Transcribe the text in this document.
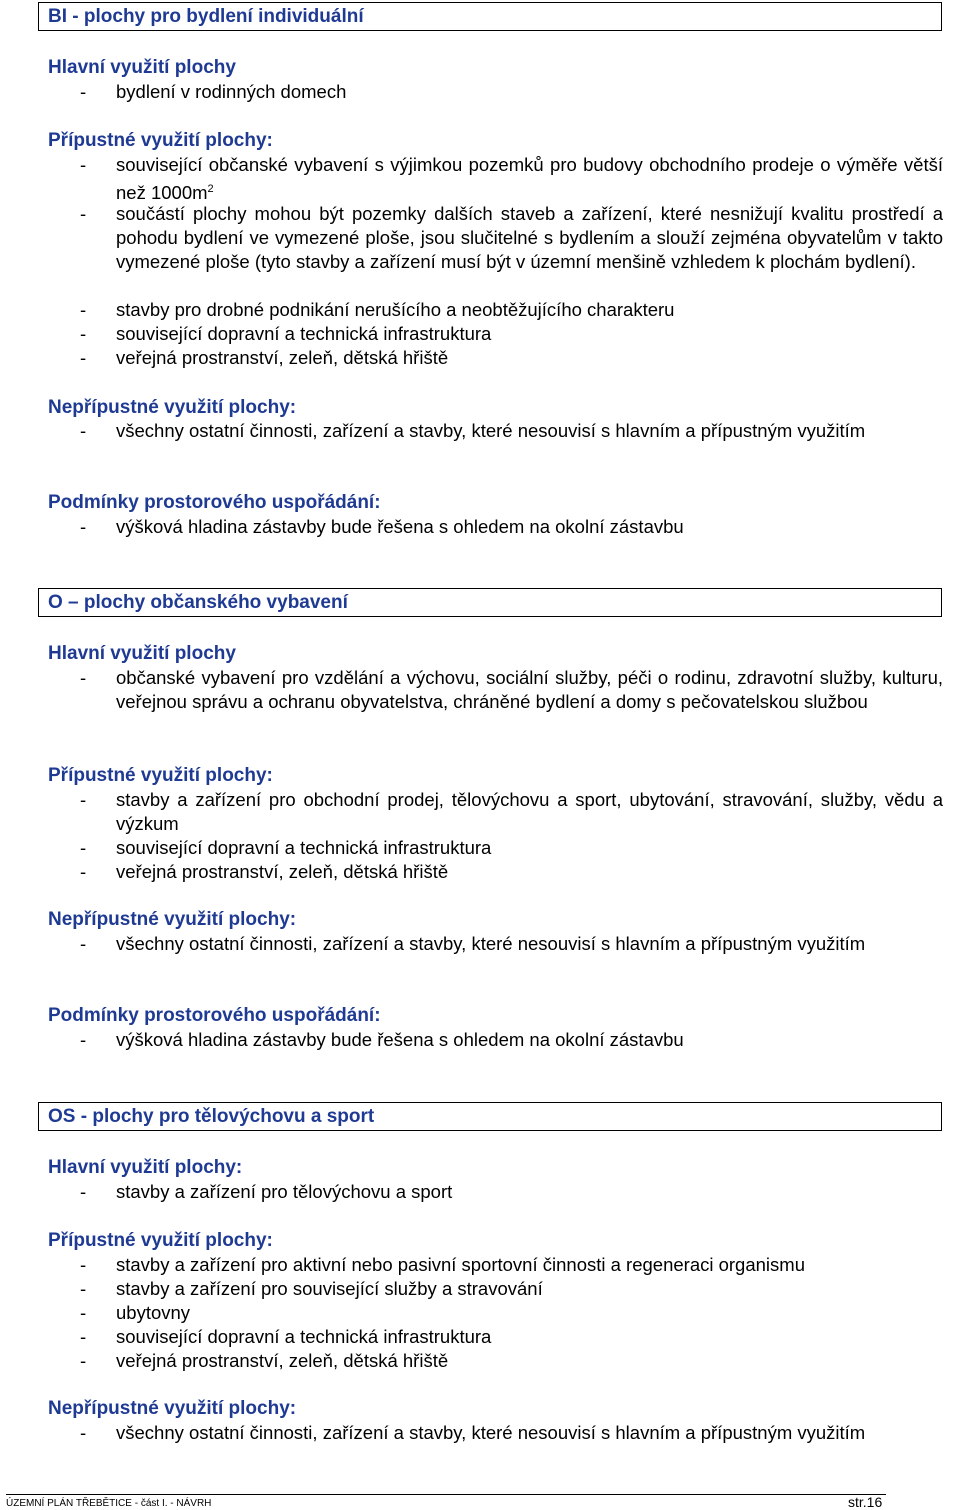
BI - plochy pro bydlení individuální
Hlavní využití plochy
- bydlení v rodinných domech
Přípustné využití plochy:
- související občanské vybavení s výjimkou pozemků pro budovy obchodního prodeje o výměře větší než $1000m^2$
- součástí plochy mohou být pozemky dalších staveb a zařízení, které nesnižují kvalitu prostředí a pohodu bydlení ve vymezené ploše, jsou slučitelné s bydlením a slouží zejména obyvatelům v takto vymezené ploše (tyto stavby a zařízení musí být v územní menšině vzhledem k plochám bydlení).
- stavby pro drobné podnikání nerušícího a neobtěžujícího charakteru
- související dopravní a technická infrastruktura
- veřejná prostranství, zeleň, dětská hřiště
Nepřípustné využití plochy:
- všechny ostatní činnosti, zařízení a stavby, které nesouvisí s hlavním a přípustným využitím
Podmínky prostorového uspořádání:
- výšková hladina zástavby bude řešena s ohledem na okolní zástavbu
O – plochy občanského vybavení
Hlavní využití plochy
- občanské vybavení pro vzdělání a výchovu, sociální služby, péči o rodinu, zdravotní služby, kulturu, veřejnou správu a ochranu obyvatelstva, chráněné bydlení a domy s pečovatelskou službou
Přípustné využití plochy:
- stavby a zařízení pro obchodní prodej, tělovýchovu a sport, ubytování, stravování, služby, vědu a výzkum
- související dopravní a technická infrastruktura
- veřejná prostranství, zeleň, dětská hřiště
Nepřípustné využití plochy:
- všechny ostatní činnosti, zařízení a stavby, které nesouvisí s hlavním a přípustným využitím
Podmínky prostorového uspořádání:
- výšková hladina zástavby bude řešena s ohledem na okolní zástavbu
OS - plochy pro tělovýchovu a sport
Hlavní využití plochy:
- stavby a zařízení pro tělovýchovu a sport
Přípustné využití plochy:
- stavby a zařízení pro aktivní nebo pasivní sportovní činnosti a regeneraci organismu
- stavby a zařízení pro související služby a stravování
- ubytovny
- související dopravní a technická infrastruktura
- veřejná prostranství, zeleň, dětská hřiště
Nepřípustné využití plochy:
- všechny ostatní činnosti, zařízení a stavby, které nesouvisí s hlavním a přípustným využitím
ÚZEMNÍ PLÁN TŘEBĚTICE - část I. - NÁVRH	str.16
